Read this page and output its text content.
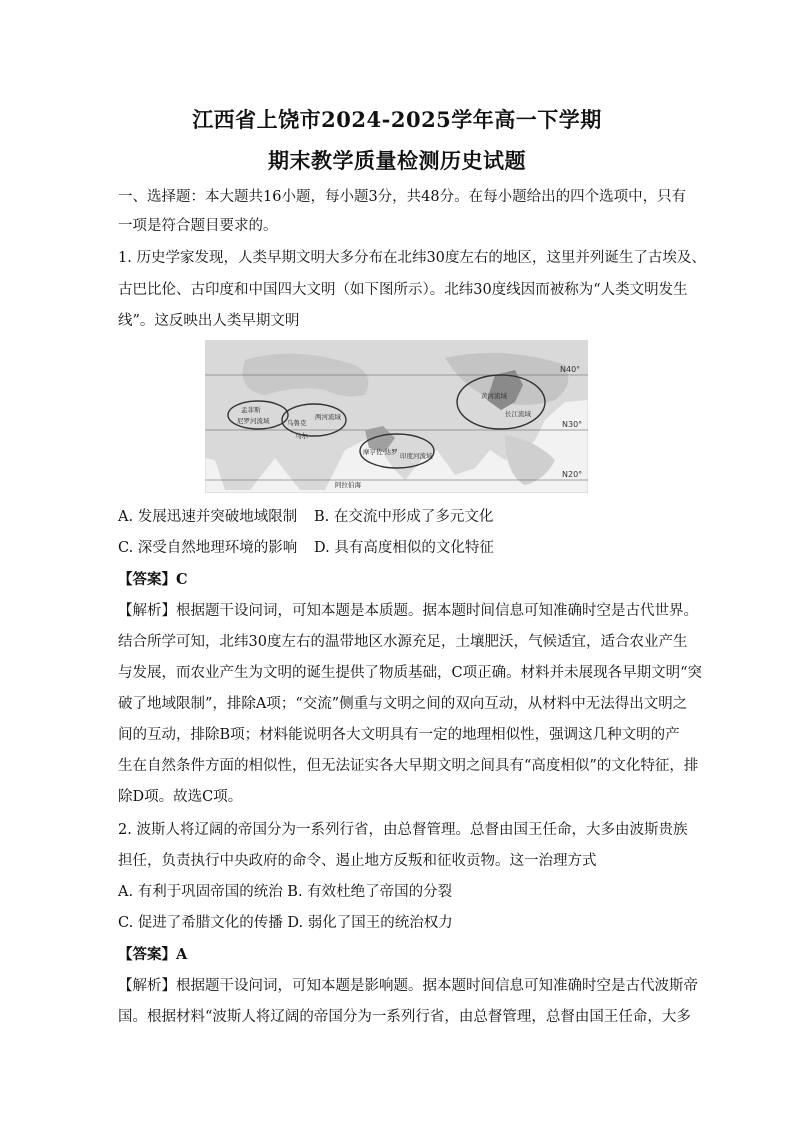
江西省上饶市2024-2025学年高一下学期
期末教学质量检测历史试题
一、选择题：本大题共16小题，每小题3分，共48分。在每小题给出的四个选项中，只有
一项是符合题目要求的。
1. 历史学家发现，人类早期文明大多分布在北纬30度左右的地区，这里并列诞生了古埃及、
古巴比伦、古印度和中国四大文明（如下图所示）。北纬30度线因而被称为“人类文明发生
线”。这反映出人类早期文明
N40°
N30°
N20°
孟菲斯
尼罗河流域	乌鲁克
两河流域
乌尔
摩亨佐·达罗 印度河流域
黄河流域
长江流域
阿拉伯海
A. 发展迅速并突破地域限制 B. 在交流中形成了多元文化
C. 深受自然地理环境的影响 D. 具有高度相似的文化特征
【答案】C
【解析】根据题干设问词，可知本题是本质题。据本题时间信息可知准确时空是古代世界。
结合所学可知，北纬30度左右的温带地区水源充足，土壤肥沃，气候适宜，适合农业产生
与发展，而农业产生为文明的诞生提供了物质基础，C项正确。材料并未展现各早期文明“突
破了地域限制”，排除A项；“交流”侧重与文明之间的双向互动，从材料中无法得出文明之
间的互动，排除B项；材料能说明各大文明具有一定的地理相似性，强调这几种文明的产
生在自然条件方面的相似性，但无法证实各大早期文明之间具有“高度相似”的文化特征，排
除D项。故选C项。
2. 波斯人将辽阔的帝国分为一系列行省，由总督管理。总督由国王任命，大多由波斯贵族
担任，负责执行中央政府的命令、遏止地方反叛和征收贡物。这一治理方式
A. 有利于巩固帝国的统治 B. 有效杜绝了帝国的分裂
C. 促进了希腊文化的传播 D. 弱化了国王的统治权力
【答案】A
【解析】根据题干设问词，可知本题是影响题。据本题时间信息可知准确时空是古代波斯帝
国。根据材料“波斯人将辽阔的帝国分为一系列行省，由总督管理，总督由国王任命，大多
